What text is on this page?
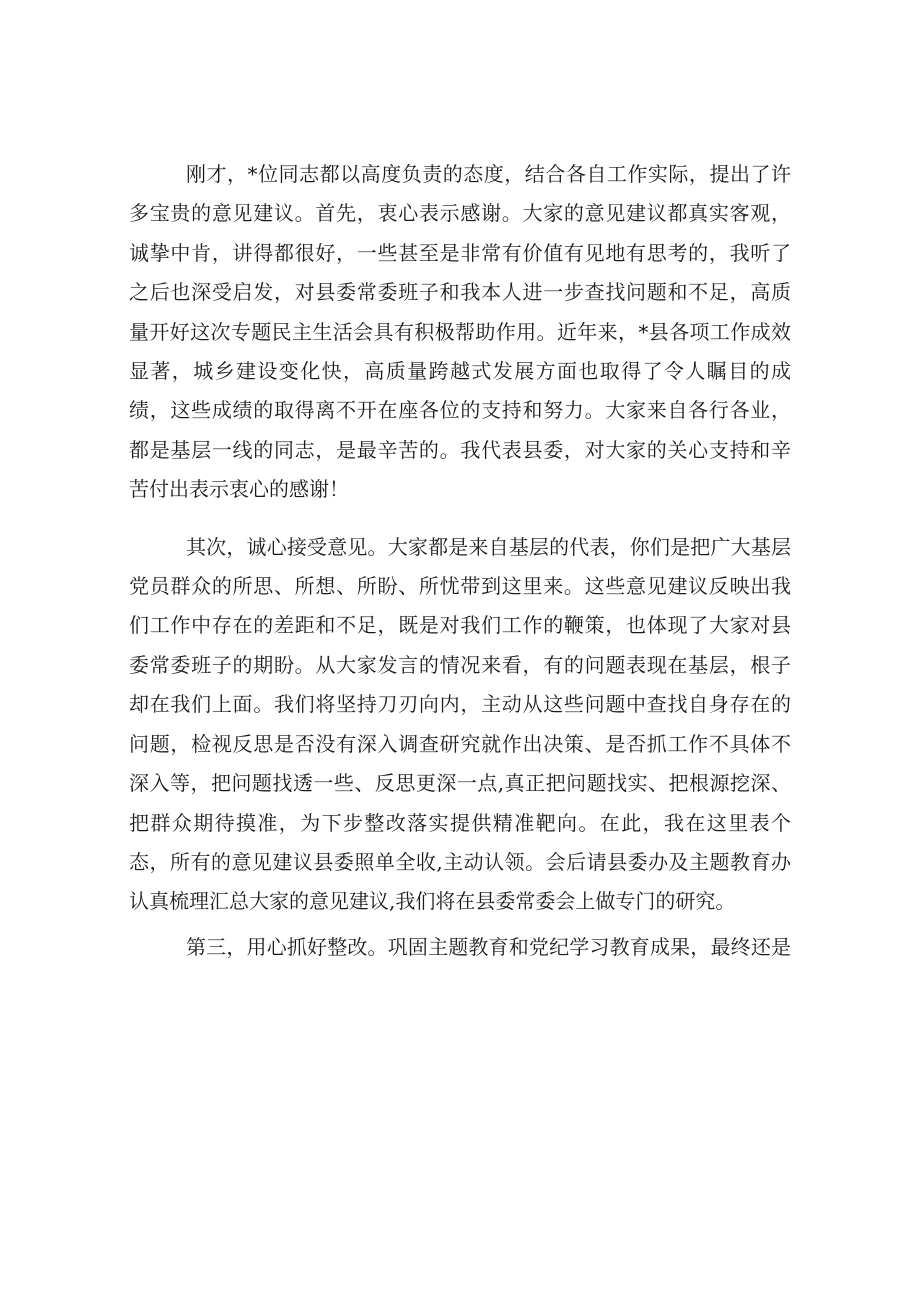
刚才，*位同志都以高度负责的态度，结合各自工作实际，提出了许
多宝贵的意见建议。首先，衷心表示感谢。大家的意见建议都真实客观，
诚挚中肯，讲得都很好，一些甚至是非常有价值有见地有思考的，我听了
之后也深受启发，对县委常委班子和我本人进一步查找问题和不足，高质
量开好这次专题民主生活会具有积极帮助作用。近年来，*县各项工作成效
显著，城乡建设变化快，高质量跨越式发展方面也取得了令人瞩目的成
绩，这些成绩的取得离不开在座各位的支持和努力。大家来自各行各业，
都是基层一线的同志，是最辛苦的。我代表县委，对大家的关心支持和辛
苦付出表示衷心的感谢！
其次，诚心接受意见。大家都是来自基层的代表，你们是把广大基层
党员群众的所思、所想、所盼、所忧带到这里来。这些意见建议反映出我
们工作中存在的差距和不足，既是对我们工作的鞭策，也体现了大家对县
委常委班子的期盼。从大家发言的情况来看，有的问题表现在基层，根子
却在我们上面。我们将坚持刀刃向内，主动从这些问题中查找自身存在的
问题，检视反思是否没有深入调查研究就作出决策、是否抓工作不具体不
深入等，把问题找透一些、反思更深一点,真正把问题找实、把根源挖深、
把群众期待摸准，为下步整改落实提供精准靶向。在此，我在这里表个
态，所有的意见建议县委照单全收,主动认领。会后请县委办及主题教育办
认真梳理汇总大家的意见建议,我们将在县委常委会上做专门的研究。
第三，用心抓好整改。巩固主题教育和党纪学习教育成果，最终还是
